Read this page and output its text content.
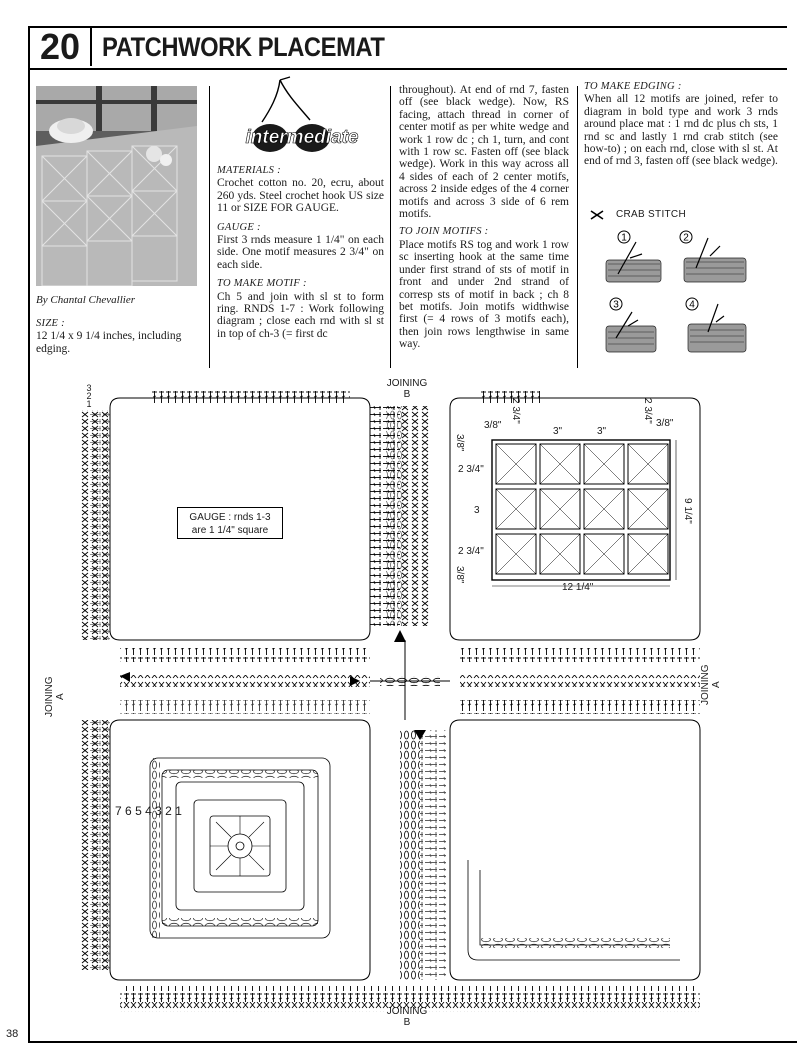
20 PATCHWORK PLACEMAT
By Chantal Chevallier
SIZE :
12 1/4 x 9 1/4 inches, including edging.
intermediate

MATERIALS :
Crochet cotton no. 20, ecru, about 260 yds. Steel crochet hook US size 11 or SIZE FOR GAUGE.

GAUGE :
First 3 rnds measure 1 1/4" on each side. One motif measures 2 3/4" on each side.

TO MAKE MOTIF :
Ch 5 and join with sl st to form ring. RNDS 1-7 : Work following diagram ; close each rnd with sl st in top of ch-3 (= first dc

throughout). At end of rnd 7, fasten off (see black wedge). Now, RS facing, attach thread in corner of center motif as per white wedge and work 1 row dc ; ch 1, turn, and cont with 1 row sc. Fasten off (see black wedge). Work in this way across all 4 sides of each of 2 center motifs, across 2 inside edges of the 4 corner motifs and across 3 side of 6 rem motifs.

TO JOIN MOTIFS :

Place motifs RS tog and work 1 row sc inserting hook at the same time under first strand of sts of motif in front and under 2nd strand of corresp sts of motif in back ; ch 8 bet motifs. Join motifs widthwise first (= 4 rows of 3 motifs each), then join rows lengthwise in same way.

TO MAKE EDGING :
When all 12 motifs are joined, refer to diagram in bold type and work 3 rnds around place mat : 1 rnd dc plus ch sts, 1 rnd sc and lastly 1 rnd crab stitch (see how-to) ; on each rnd, close with sl st. At end of rnd 3, fasten off (see black wedge).
CRAB STITCH
1	2
3	4
JOINING
B
B
JOINING
A	JOINING
A
3
2
1
7 6 5 4 3 2 1
GAUGE : rnds 1-3
are 1 1/4" square
3/8"
2 3/4"
3"	3"
2 3/4" 3/8"
3/8"
2 3/4"
3
2 3/4"
3/8"
9 1/4"
12 1/4"
38
